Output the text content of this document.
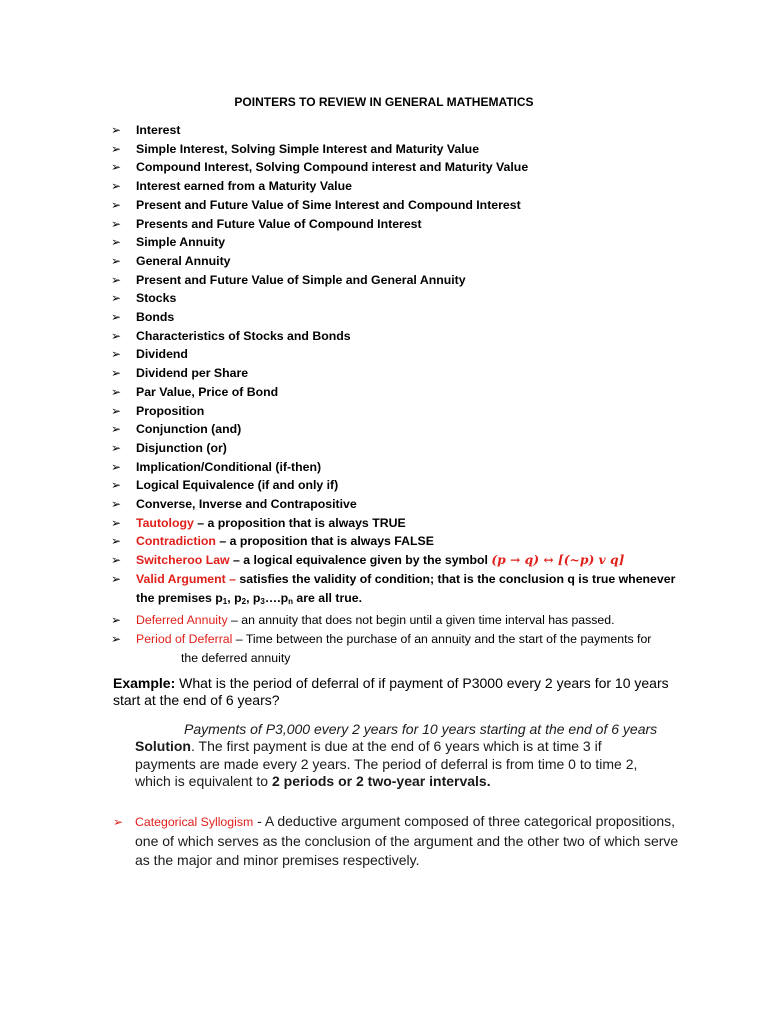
POINTERS TO REVIEW IN GENERAL MATHEMATICS
➢ Interest
➢ Simple Interest, Solving Simple Interest and Maturity Value
➢ Compound Interest, Solving Compound interest and Maturity Value
➢ Interest earned from a Maturity Value
➢ Present and Future Value of Sime Interest and Compound Interest
➢ Presents and Future Value of Compound Interest
➢ Simple Annuity
➢ General Annuity
➢ Present and Future Value of Simple and General Annuity
➢ Stocks
➢ Bonds
➢ Characteristics of Stocks and Bonds
➢ Dividend
➢ Dividend per Share
➢ Par Value, Price of Bond
➢ Proposition
➢ Conjunction (and)
➢ Disjunction (or)
➢ Implication/Conditional (if-then)
➢ Logical Equivalence (if and only if)
➢ Converse, Inverse and Contrapositive
➢ Tautology – a proposition that is always TRUE
➢ Contradiction – a proposition that is always FALSE
➢ Switcheroo Law – a logical equivalence given by the symbol (p → q) ↔ [(~p) v q]
➢ Valid Argument – satisfies the validity of condition; that is the conclusion q is true whenever
the premises $p_1$, $p_2$, $p_3\dots.p_n$ are all true.
➢ Deferred Annuity – an annuity that does not begin until a given time interval has passed.
➢ Period of Deferral – Time between the purchase of an annuity and the start of the payments for
the deferred annuity
Example: What is the period of deferral of if payment of P3000 every 2 years for 10 years start at the end of 6 years?
Payments of P3,000 every 2 years for 10 years starting at the end of 6 years
Solution. The first payment is due at the end of 6 years which is at time 3 if payments are made every 2 years. The period of deferral is from time 0 to time 2, which is equivalent to 2 periods or 2 two-year intervals.
➢ Categorical Syllogism - A deductive argument composed of three categorical propositions, one of which serves as the conclusion of the argument and the other two of which serve as the major and minor premises respectively.
